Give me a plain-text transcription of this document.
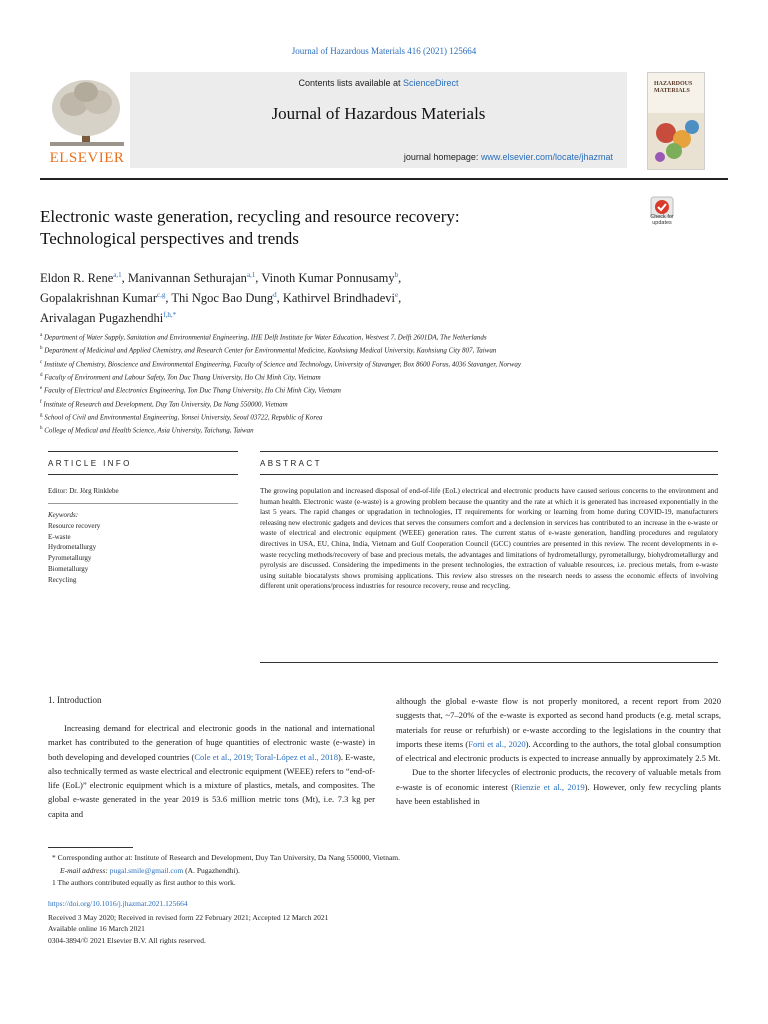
Journal of Hazardous Materials 416 (2021) 125664
ELSEVIER
Contents lists available at ScienceDirect
Journal of Hazardous Materials
journal homepage: www.elsevier.com/locate/jhazmat
HAZARDOUS MATERIALS
Electronic waste generation, recycling and resource recovery:
Technological perspectives and trends
Check for updates
Eldon R. Rene$^{a,1}$, Manivannan Sethurajan$^{a,1}$, Vinoth Kumar Ponnusamy$^b$,
Gopalakrishnan Kumar$^{c,g}$, Thi Ngoc Bao Dung$^d$, Kathirvel Brindhadevi$^e$,
Arivalagan Pugazhendhi$^{f,h,*}$
$^a$ Department of Water Supply, Sanitation and Environmental Engineering, IHE Delft Institute for Water Education, Westvest 7, Delft 2601DA, The Netherlands
$^b$ Department of Medicinal and Applied Chemistry, and Research Center for Environmental Medicine, Kaohsiung Medical University, Kaohsiung City 807, Taiwan
$^c$ Institute of Chemistry, Bioscience and Environmental Engineering, Faculty of Science and Technology, University of Stavanger, Box 8600 Forus, 4036 Stavanger, Norway
$^d$ Faculty of Environment and Labour Safety, Ton Duc Thang University, Ho Chi Minh City, Vietnam
$^e$ Faculty of Electrical and Electronics Engineering, Ton Duc Thang University, Ho Chi Minh City, Vietnam
$^f$ Institute of Research and Development, Duy Tan University, Da Nang 550000, Vietnam
$^g$ School of Civil and Environmental Engineering, Yonsei University, Seoul 03722, Republic of Korea
$^h$ College of Medical and Health Science, Asia University, Taichung, Taiwan
ARTICLE INFO	ABSTRACT
Editor: Dr. Jörg Rinklebe
Keywords:
Resource recovery
E-waste
Hydrometallurgy
Pyrometallurgy
Biometallurgy
Recycling
The growing population and increased disposal of end-of-life (EoL) electrical and electronic products have caused serious concerns to the environment and human health. Electronic waste (e-waste) is a growing problem because the quantity and the rate at which it is generated has increased exponentially in the last 5 years. The rapid changes or upgradation in technologies, IT requirements for working or learning from home during COVID-19, manufacturers releasing new electronic gadgets and devices that serves the consumers comfort and a declension in services has contributed to an increase in the e-waste or waste of electrical and electronic equipment (WEEE) generation rates. The current status of e-waste generation, handling procedures and regulatory directives in USA, EU, China, India, Vietnam and Gulf Cooperation Council (GCC) countries are presented in this review. The recent developments in e-waste recycling methods/recovery of base and precious metals, the advantages and limitations of hydrometallurgy, pyrometallurgy, biohydrometallurgy and pyrolysis are discussed. Considering the impediments in the present technologies, the extraction of valuable resources, i.e. precious metals, from e-waste using suitable biocatalysts shows promising applications. This review also stresses on the research needs to assess the economic effects of involving different unit operations/process industries for resource recovery, reuse and recycling.
1. Introduction

Increasing demand for electrical and electronic goods in the national and international market has contributed to the generation of huge quantities of electronic waste (e-waste) in both developing and developed countries (Cole et al., 2019; Toral-López et al., 2018). E-waste, also technically termed as waste electrical and electronic equipment (WEEE) refers to “end-of-life (EoL)” electronic equipment which is a mixture of plastics, metals, and composites. The global e-waste generated in the year 2019 is 53.6 million metric tons (Mt), i.e. 7.3 kg per capita and

although the global e-waste flow is not properly monitored, a recent report from 2020 suggests that, ~7–20% of the e-waste is exported as second hand products (e.g. metal scraps, materials for reuse or refurbish) or e-waste according to the legislations in the country that imports these items (Forti et al., 2020). According to the authors, the total global consumption of electrical and electronic products is expected to increase annually by approximately 2.5 Mt.

Due to the shorter lifecycles of electronic products, the recovery of valuable metals from e-waste is of economic interest (Rienzie et al., 2019). However, only few recycling plants have been established in

* Corresponding author at: Institute of Research and Development, Duy Tan University, Da Nang 550000, Vietnam.
E-mail address: pugal.smile@gmail.com (A. Pugazhendhi).
1 The authors contributed equally as first author to this work.
https://doi.org/10.1016/j.jhazmat.2021.125664
Received 3 May 2020; Received in revised form 22 February 2021; Accepted 12 March 2021
Available online 16 March 2021
0304-3894/© 2021 Elsevier B.V. All rights reserved.
